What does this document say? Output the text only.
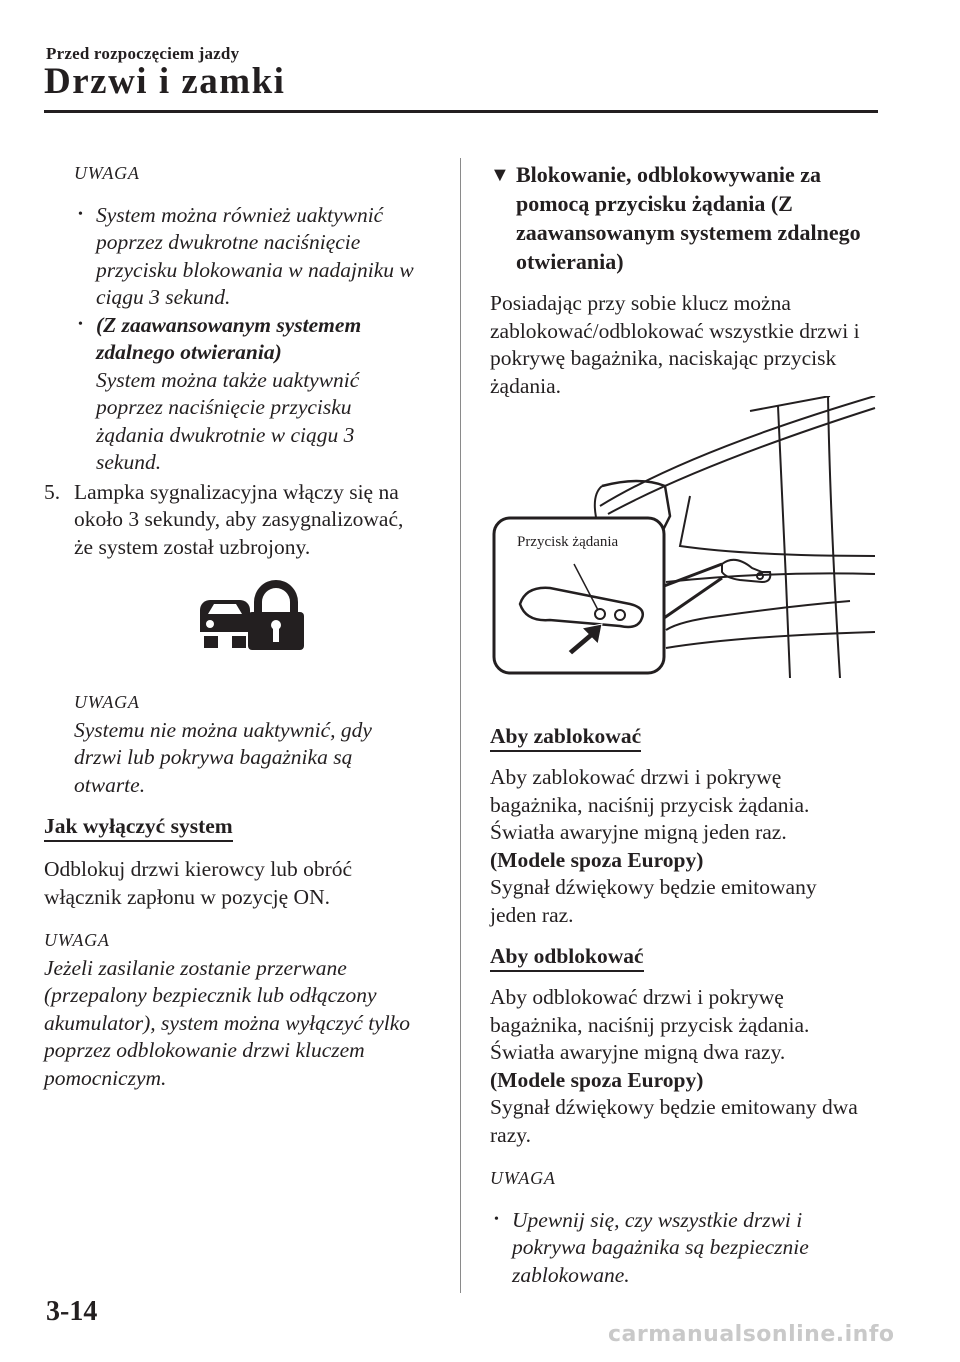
Przed rozpoczęciem jazdy
Drzwi i zamki
UWAGA
• System można również uaktywnić
poprzez dwukrotne naciśnięcie
przycisku blokowania w nadajniku w
ciągu 3 sekund.
• (Z zaawansowanym systemem
zdalnego otwierania)
System można także uaktywnić
poprzez naciśnięcie przycisku
żądania dwukrotnie w ciągu 3
sekund.
5. Lampka sygnalizacyjna włączy się na
około 3 sekundy, aby zasygnalizować,
że system został uzbrojony.
UWAGA
Systemu nie można uaktywnić, gdy
drzwi lub pokrywa bagażnika są
otwarte.
Jak wyłączyć system
Odblokuj drzwi kierowcy lub obróć
włącznik zapłonu w pozycję ON.
UWAGA
Jeżeli zasilanie zostanie przerwane
(przepalony bezpiecznik lub odłączony
akumulator), system można wyłączyć tylko
poprzez odblokowanie drzwi kluczem
pomocniczym.
▼ Blokowanie, odblokowywanie za
pomocą przycisku żądania (Z
zaawansowanym systemem zdalnego
otwierania)
Posiadając przy sobie klucz można
zablokować/odblokować wszystkie drzwi i
pokrywę bagażnika, naciskając przycisk
żądania.
Aby zablokować
Aby zablokować drzwi i pokrywę
bagażnika, naciśnij przycisk żądania.
Światła awaryjne migną jeden raz.
(Modele spoza Europy)
Sygnał dźwiękowy będzie emitowany
jeden raz.
Aby odblokować
Aby odblokować drzwi i pokrywę
bagażnika, naciśnij przycisk żądania.
Światła awaryjne migną dwa razy.
(Modele spoza Europy)
Sygnał dźwiękowy będzie emitowany dwa
razy.
UWAGA
• Upewnij się, czy wszystkie drzwi i
pokrywa bagażnika są bezpiecznie
zablokowane.
Przycisk żądania
3-14
carmanualsonline.info
